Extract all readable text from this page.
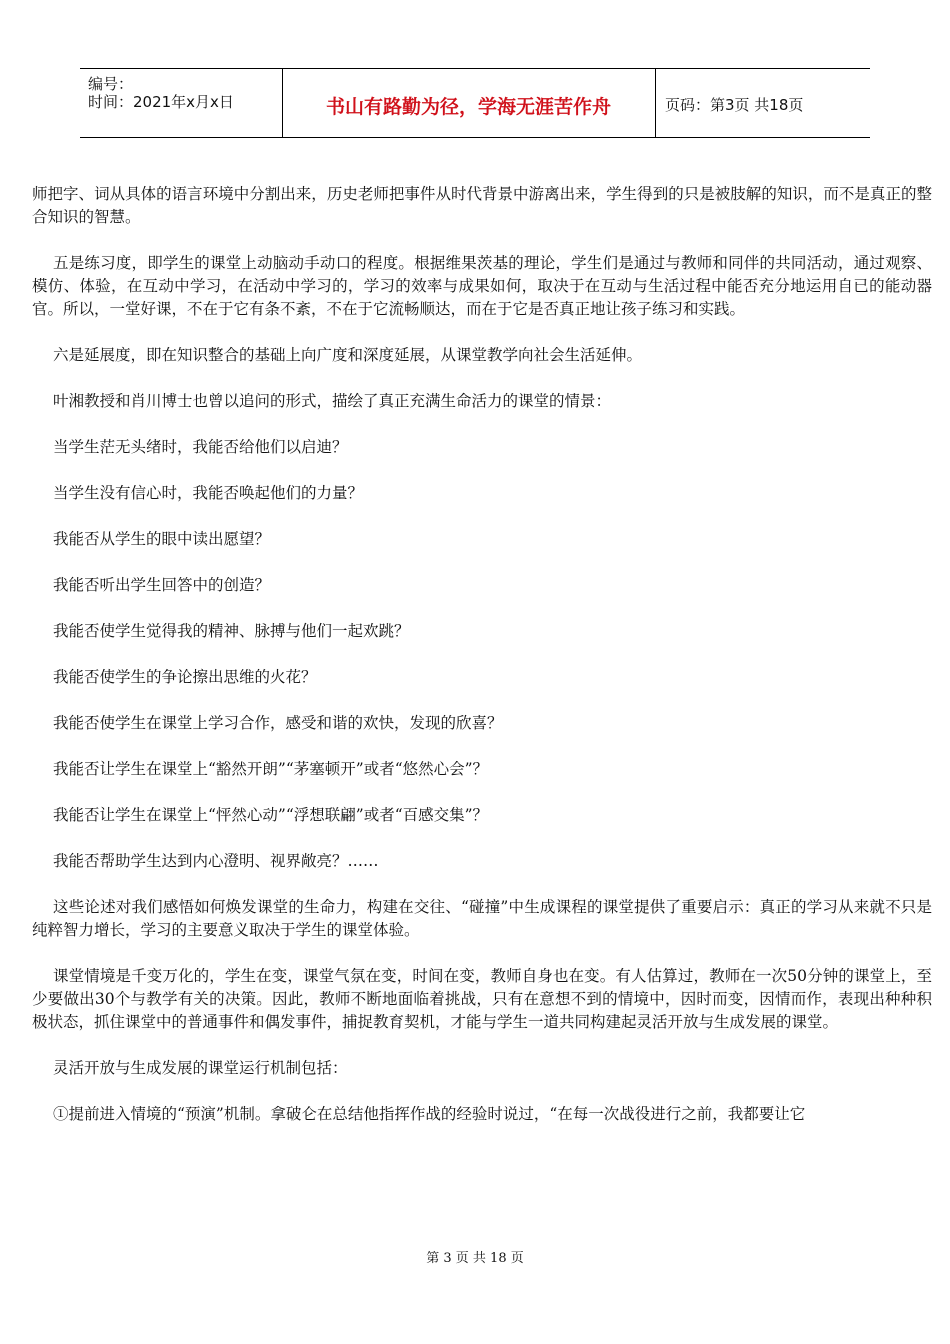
编号：
时间：2021年x月x日	书山有路勤为径，学海无涯苦作舟	页码：第3页 共18页

师把字、词从具体的语言环境中分割出来，历史老师把事件从时代背景中游离出来，学生得到的只是被肢解的知识，而不是真正的整合知识的智慧。

五是练习度，即学生的课堂上动脑动手动口的程度。根据维果茨基的理论，学生们是通过与教师和同伴的共同活动，通过观察、模仿、体验，在互动中学习，在活动中学习的，学习的效率与成果如何，取决于在互动与生活过程中能否充分地运用自已的能动器官。所以，一堂好课，不在于它有条不紊，不在于它流畅顺达，而在于它是否真正地让孩子练习和实践。

六是延展度，即在知识整合的基础上向广度和深度延展，从课堂教学向社会生活延伸。

叶湘教授和肖川博士也曾以追问的形式，描绘了真正充满生命活力的课堂的情景：

当学生茫无头绪时，我能否给他们以启迪？

当学生没有信心时，我能否唤起他们的力量？

我能否从学生的眼中读出愿望？

我能否听出学生回答中的创造？

我能否使学生觉得我的精神、脉搏与他们一起欢跳？

我能否使学生的争论擦出思维的火花？

我能否使学生在课堂上学习合作，感受和谐的欢快，发现的欣喜？

我能否让学生在课堂上“豁然开朗”“茅塞顿开”或者“悠然心会”？

我能否让学生在课堂上“怦然心动”“浮想联翩”或者“百感交集”？

我能否帮助学生达到内心澄明、视界敞亮？……

这些论述对我们感悟如何焕发课堂的生命力，构建在交往、“碰撞”中生成课程的课堂提供了重要启示：真正的学习从来就不只是纯粹智力增长，学习的主要意义取决于学生的课堂体验。

课堂情境是千变万化的，学生在变，课堂气氛在变，时间在变，教师自身也在变。有人估算过，教师在一次50分钟的课堂上，至少要做出30个与教学有关的决策。因此，教师不断地面临着挑战，只有在意想不到的情境中，因时而变，因情而作，表现出种种积极状态，抓住课堂中的普通事件和偶发事件，捕捉教育契机，才能与学生一道共同构建起灵活开放与生成发展的课堂。

灵活开放与生成发展的课堂运行机制包括：

①提前进入情境的“预演”机制。拿破仑在总结他指挥作战的经验时说过，“在每一次战役进行之前，我都要让它

第 3 页 共 18 页
